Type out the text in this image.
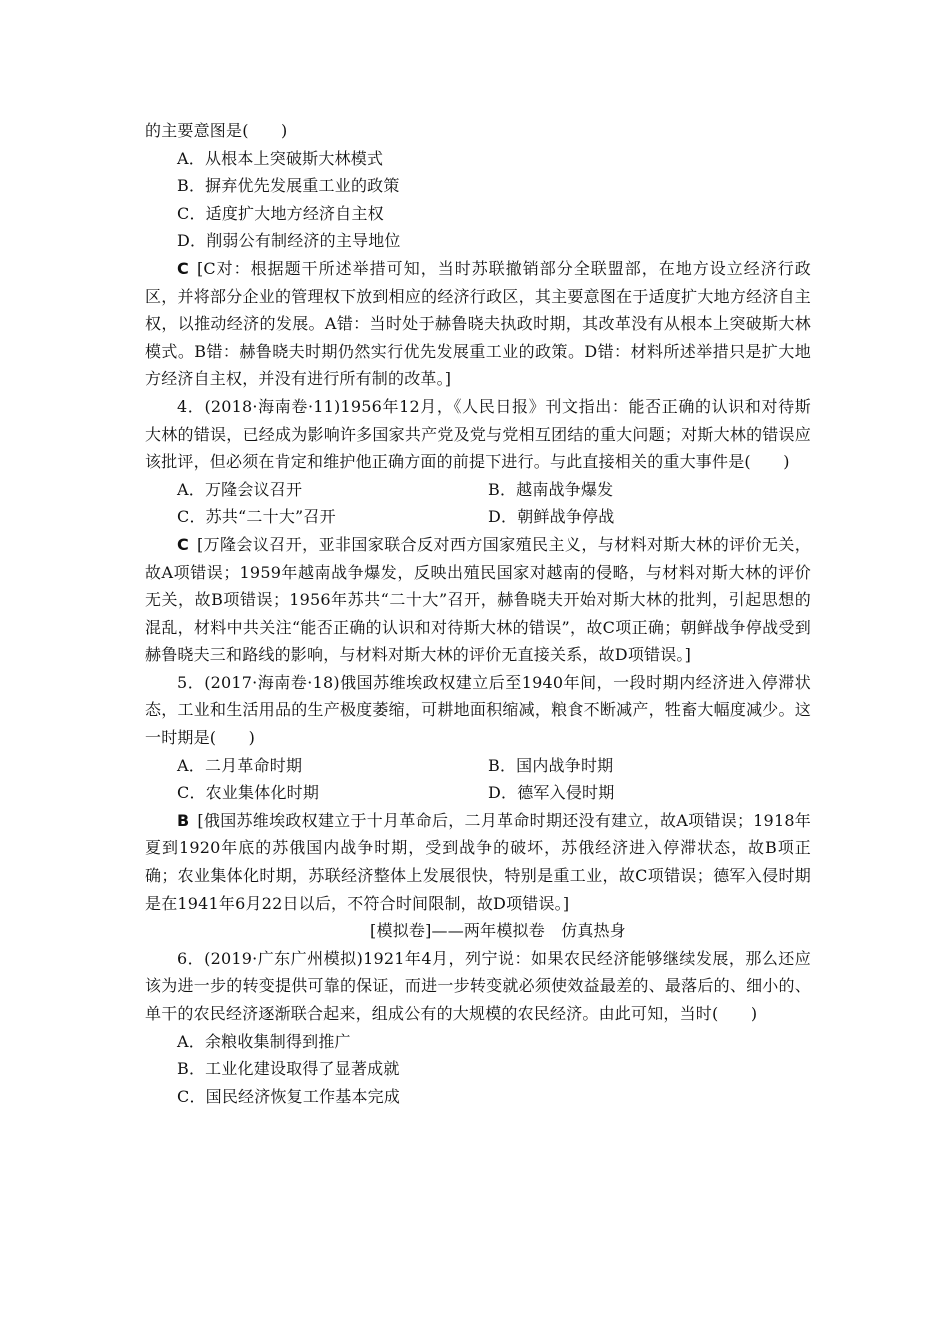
的主要意图是(　　)

A．从根本上突破斯大林模式

B．摒弃优先发展重工业的政策

C．适度扩大地方经济自主权

D．削弱公有制经济的主导地位

C [C对：根据题干所述举措可知，当时苏联撤销部分全联盟部，在地方设立经济行政区，并将部分企业的管理权下放到相应的经济行政区，其主要意图在于适度扩大地方经济自主权，以推动经济的发展。A错：当时处于赫鲁晓夫执政时期，其改革没有从根本上突破斯大林模式。B错：赫鲁晓夫时期仍然实行优先发展重工业的政策。D错：材料所述举措只是扩大地方经济自主权，并没有进行所有制的改革。]

4．(2018·海南卷·11)1956年12月，《人民日报》刊文指出：能否正确的认识和对待斯大林的错误，已经成为影响许多国家共产党及党与党相互团结的重大问题；对斯大林的错误应该批评，但必须在肯定和维护他正确方面的前提下进行。与此直接相关的重大事件是(　　)

A．万隆会议召开	B．越南战争爆发
C．苏共“二十大”召开	D．朝鲜战争停战

C [万隆会议召开，亚非国家联合反对西方国家殖民主义，与材料对斯大林的评价无关，故A项错误；1959年越南战争爆发，反映出殖民国家对越南的侵略，与材料对斯大林的评价无关，故B项错误；1956年苏共“二十大”召开，赫鲁晓夫开始对斯大林的批判，引起思想的混乱，材料中共关注“能否正确的认识和对待斯大林的错误”，故C项正确；朝鲜战争停战受到赫鲁晓夫三和路线的影响，与材料对斯大林的评价无直接关系，故D项错误。]

5．(2017·海南卷·18)俄国苏维埃政权建立后至1940年间，一段时期内经济进入停滞状态，工业和生活用品的生产极度萎缩，可耕地面积缩减，粮食不断减产，牲畜大幅度减少。这一时期是(　　)

A．二月革命时期	B．国内战争时期
C．农业集体化时期	D．德军入侵时期

B [俄国苏维埃政权建立于十月革命后，二月革命时期还没有建立，故A项错误；1918年夏到1920年底的苏俄国内战争时期，受到战争的破坏，苏俄经济进入停滞状态，故B项正确；农业集体化时期，苏联经济整体上发展很快，特别是重工业，故C项错误；德军入侵时期是在1941年6月22日以后，不符合时间限制，故D项错误。]

[模拟卷]——两年模拟卷　仿真热身

6．(2019·广东广州模拟)1921年4月，列宁说：如果农民经济能够继续发展，那么还应该为进一步的转变提供可靠的保证，而进一步转变就必须使效益最差的、最落后的、细小的、单干的农民经济逐渐联合起来，组成公有的大规模的农民经济。由此可知，当时(　　)

A．余粮收集制得到推广

B．工业化建设取得了显著成就

C．国民经济恢复工作基本完成
